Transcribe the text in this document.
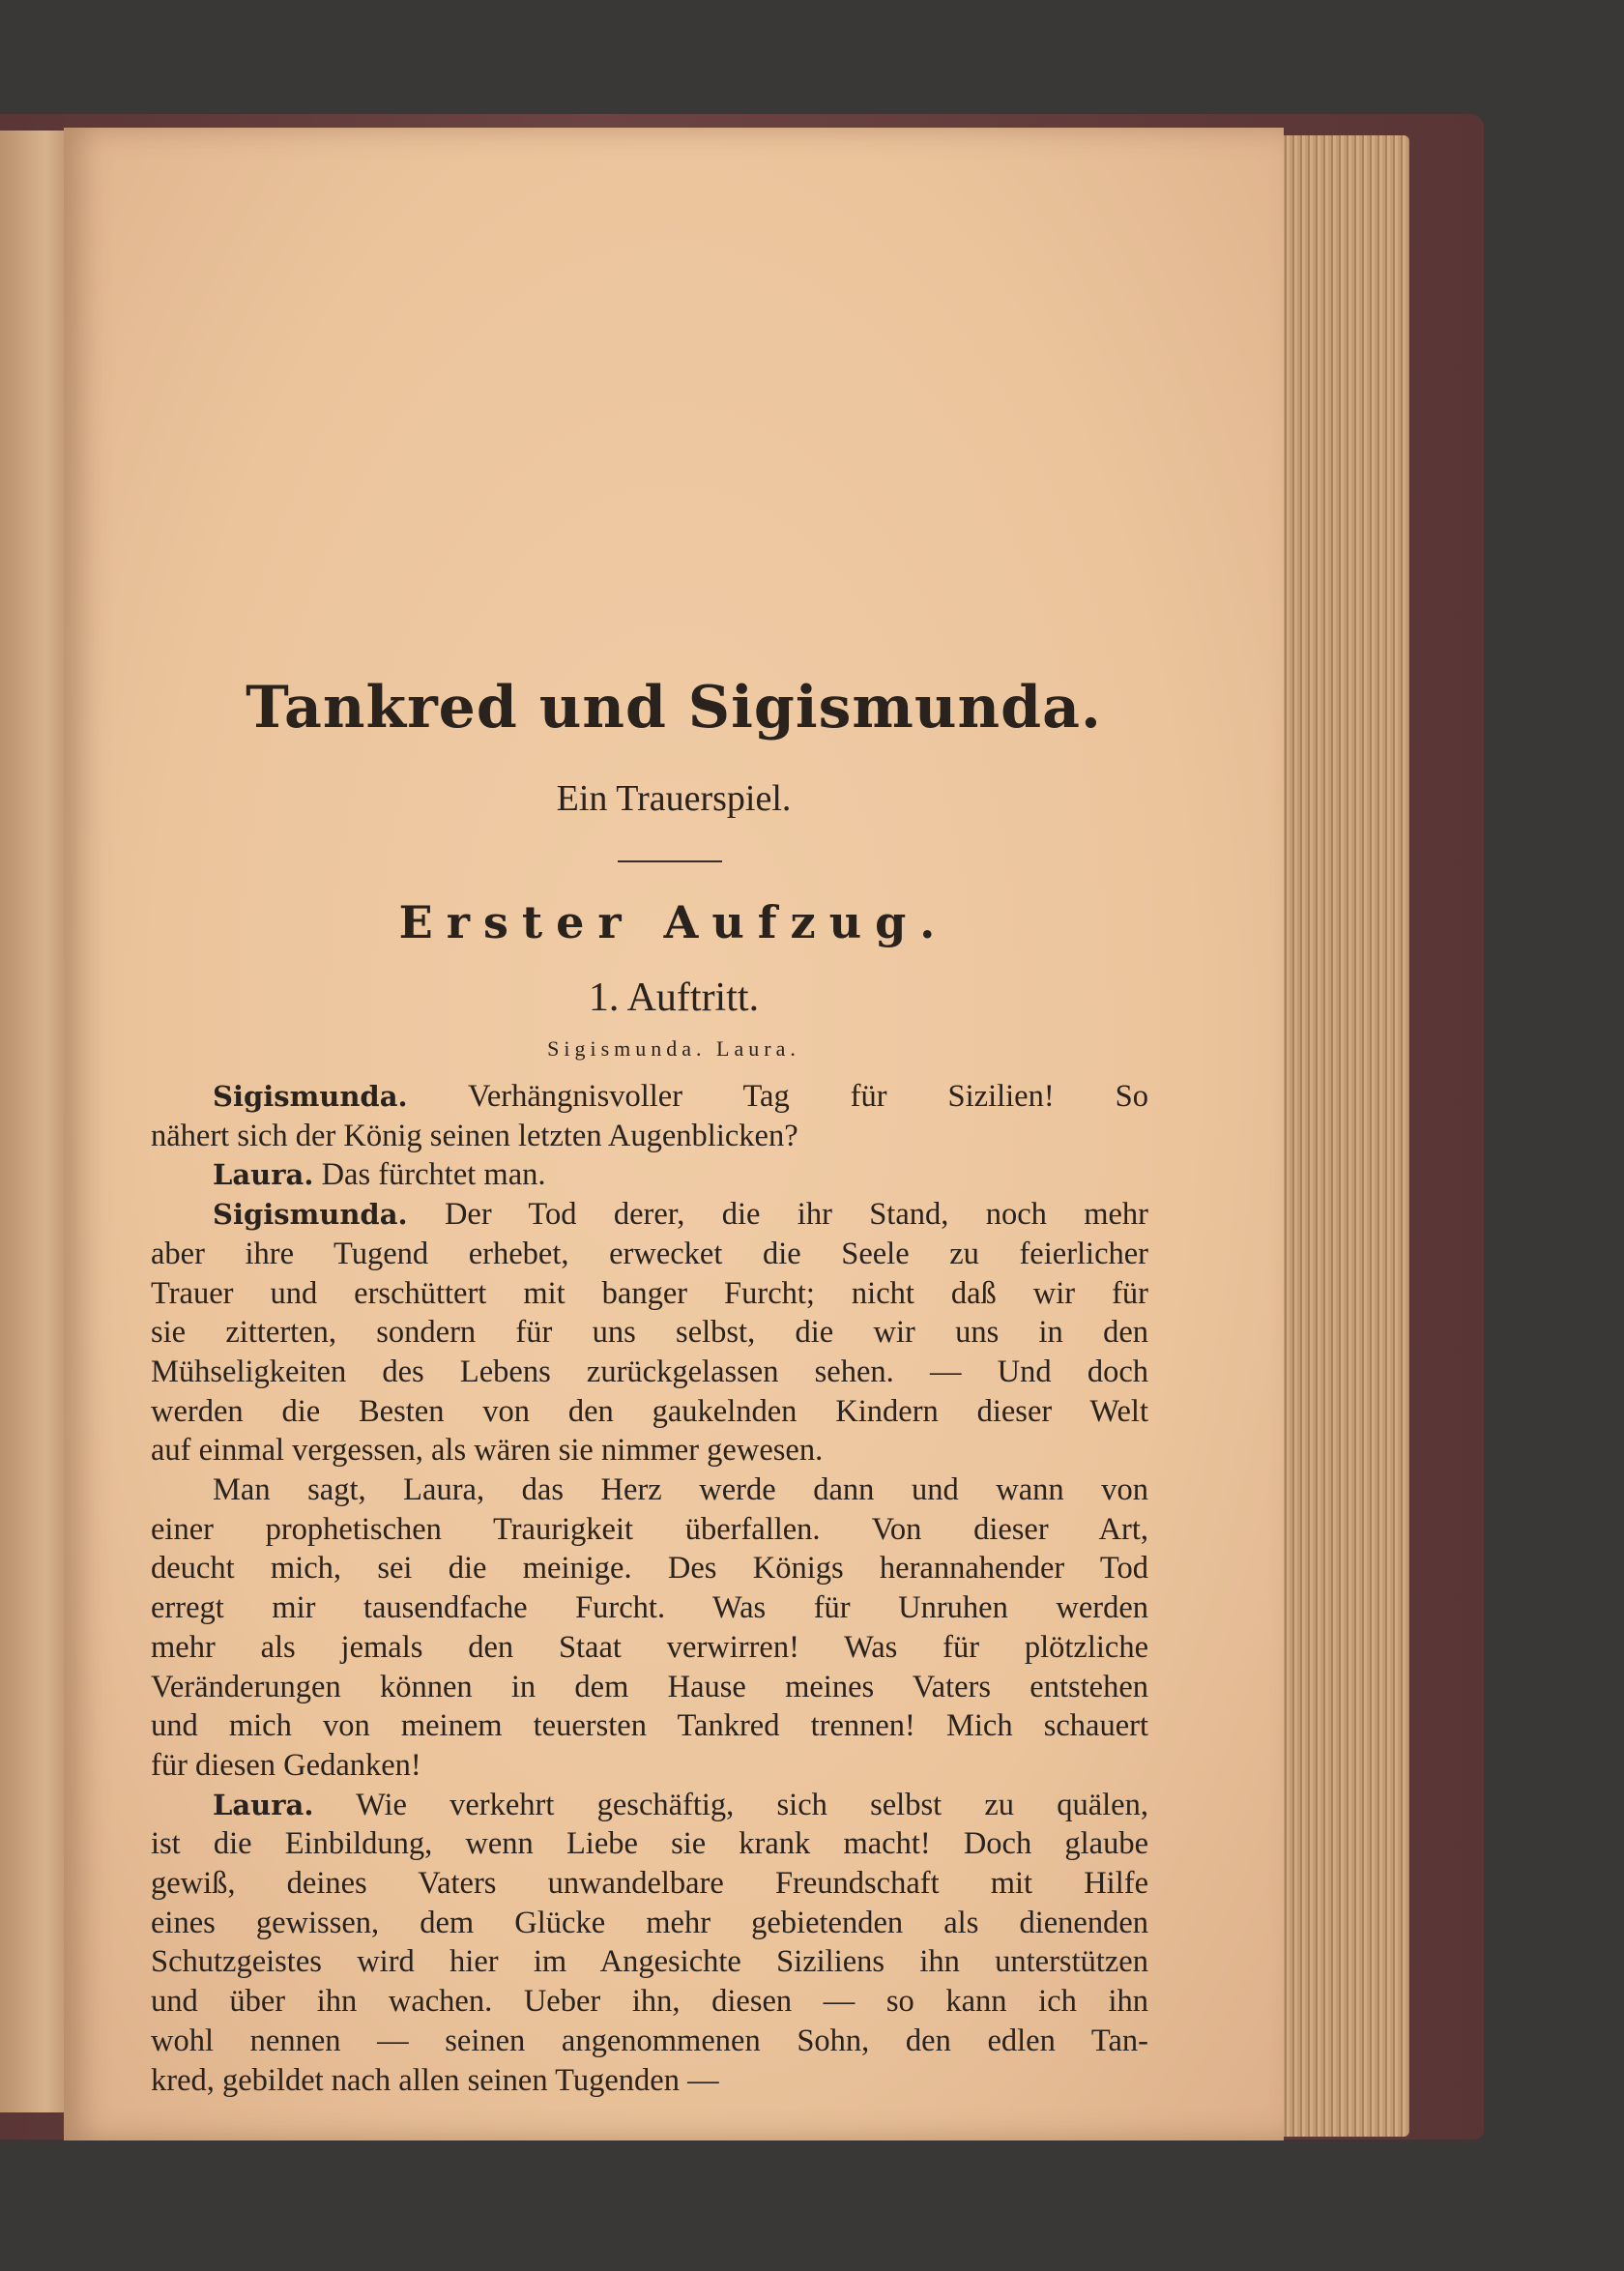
Tankred und Sigismunda.
Ein Trauerspiel.
Erster Aufzug.
1. Auftritt.
Sigismunda. Laura.

Sigismunda. Verhängnisvoller Tag für Sizilien! So
nähert sich der König seinen letzten Augenblicken?

Laura. Das fürchtet man.

Sigismunda. Der Tod derer, die ihr Stand, noch mehr
aber ihre Tugend erhebet, erwecket die Seele zu feierlicher
Trauer und erschüttert mit banger Furcht; nicht daß wir für
sie zitterten, sondern für uns selbst, die wir uns in den
Mühseligkeiten des Lebens zurückgelassen sehen. — Und doch
werden die Besten von den gaukelnden Kindern dieser Welt
auf einmal vergessen, als wären sie nimmer gewesen.

Man sagt, Laura, das Herz werde dann und wann von
einer prophetischen Traurigkeit überfallen. Von dieser Art,
deucht mich, sei die meinige. Des Königs herannahender Tod
erregt mir tausendfache Furcht. Was für Unruhen werden
mehr als jemals den Staat verwirren! Was für plötzliche
Veränderungen können in dem Hause meines Vaters entstehen
und mich von meinem teuersten Tankred trennen! Mich schauert
für diesen Gedanken!

Laura. Wie verkehrt geschäftig, sich selbst zu quälen,
ist die Einbildung, wenn Liebe sie krank macht! Doch glaube
gewiß, deines Vaters unwandelbare Freundschaft mit Hilfe
eines gewissen, dem Glücke mehr gebietenden als dienenden
Schutzgeistes wird hier im Angesichte Siziliens ihn unterstützen
und über ihn wachen. Ueber ihn, diesen — so kann ich ihn
wohl nennen — seinen angenommenen Sohn, den edlen Tan-
kred, gebildet nach allen seinen Tugenden —
